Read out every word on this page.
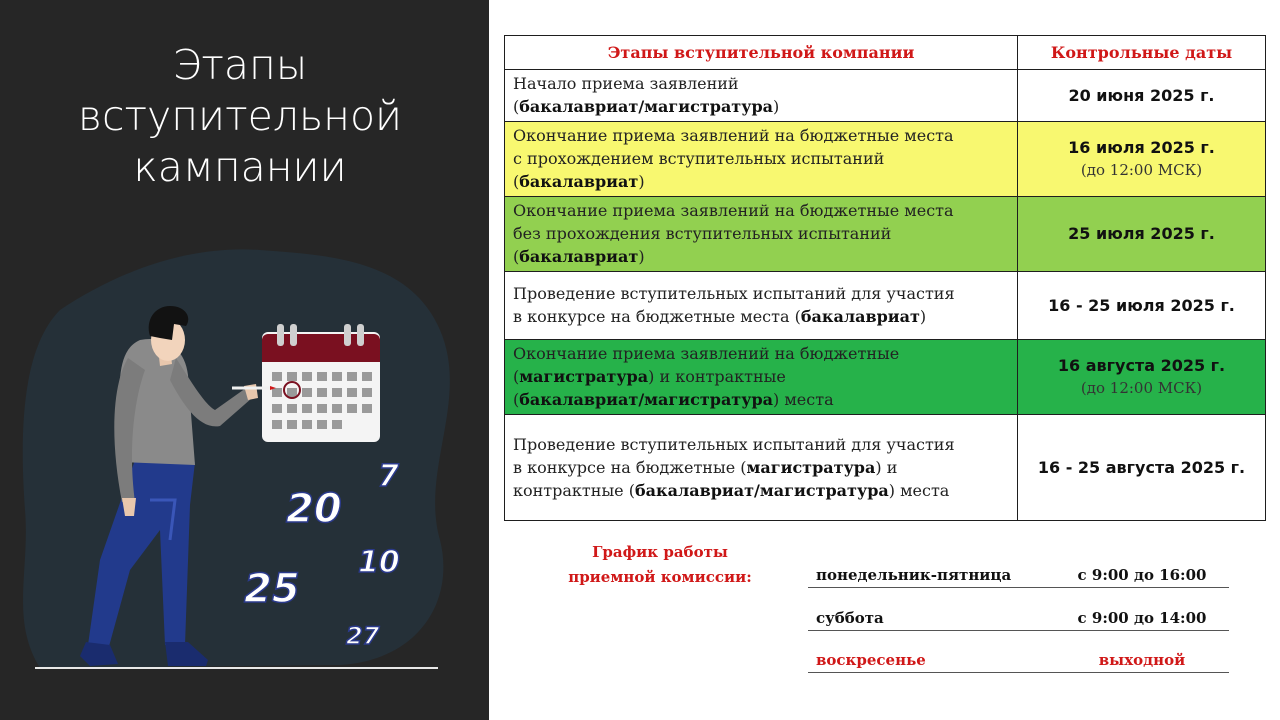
Этапы
вступительной
кампании
7
20
10
25
27
Этапы вступительной компании	Контрольные даты
Начало приема заявлений
(бакалавриат/магистратура)	20 июня 2025 г.
Окончание приема заявлений на бюджетные места
с прохождением вступительных испытаний
(бакалавриат)	16 июля 2025 г.
(до 12:00 МСК)

Окончание приема заявлений на бюджетные места
без прохождения вступительных испытаний
(бакалавриат)	25 июля 2025 г.
Проведение вступительных испытаний для участия
в конкурсе на бюджетные места (бакалавриат)	16 - 25 июля 2025 г.
Окончание приема заявлений на бюджетные
(магистратура) и контрактные
(бакалавриат/магистратура) места	16 августа 2025 г.
(до 12:00 МСК)

Проведение вступительных испытаний для участия
в конкурсе на бюджетные (магистратура) и
контрактные (бакалавриат/магистратура) места	16 - 25 августа 2025 г.
График работы
приемной комиссии:	понедельник-пятница	с 9:00 до 16:00
суббота	с 9:00 до 14:00
воскресенье	выходной
